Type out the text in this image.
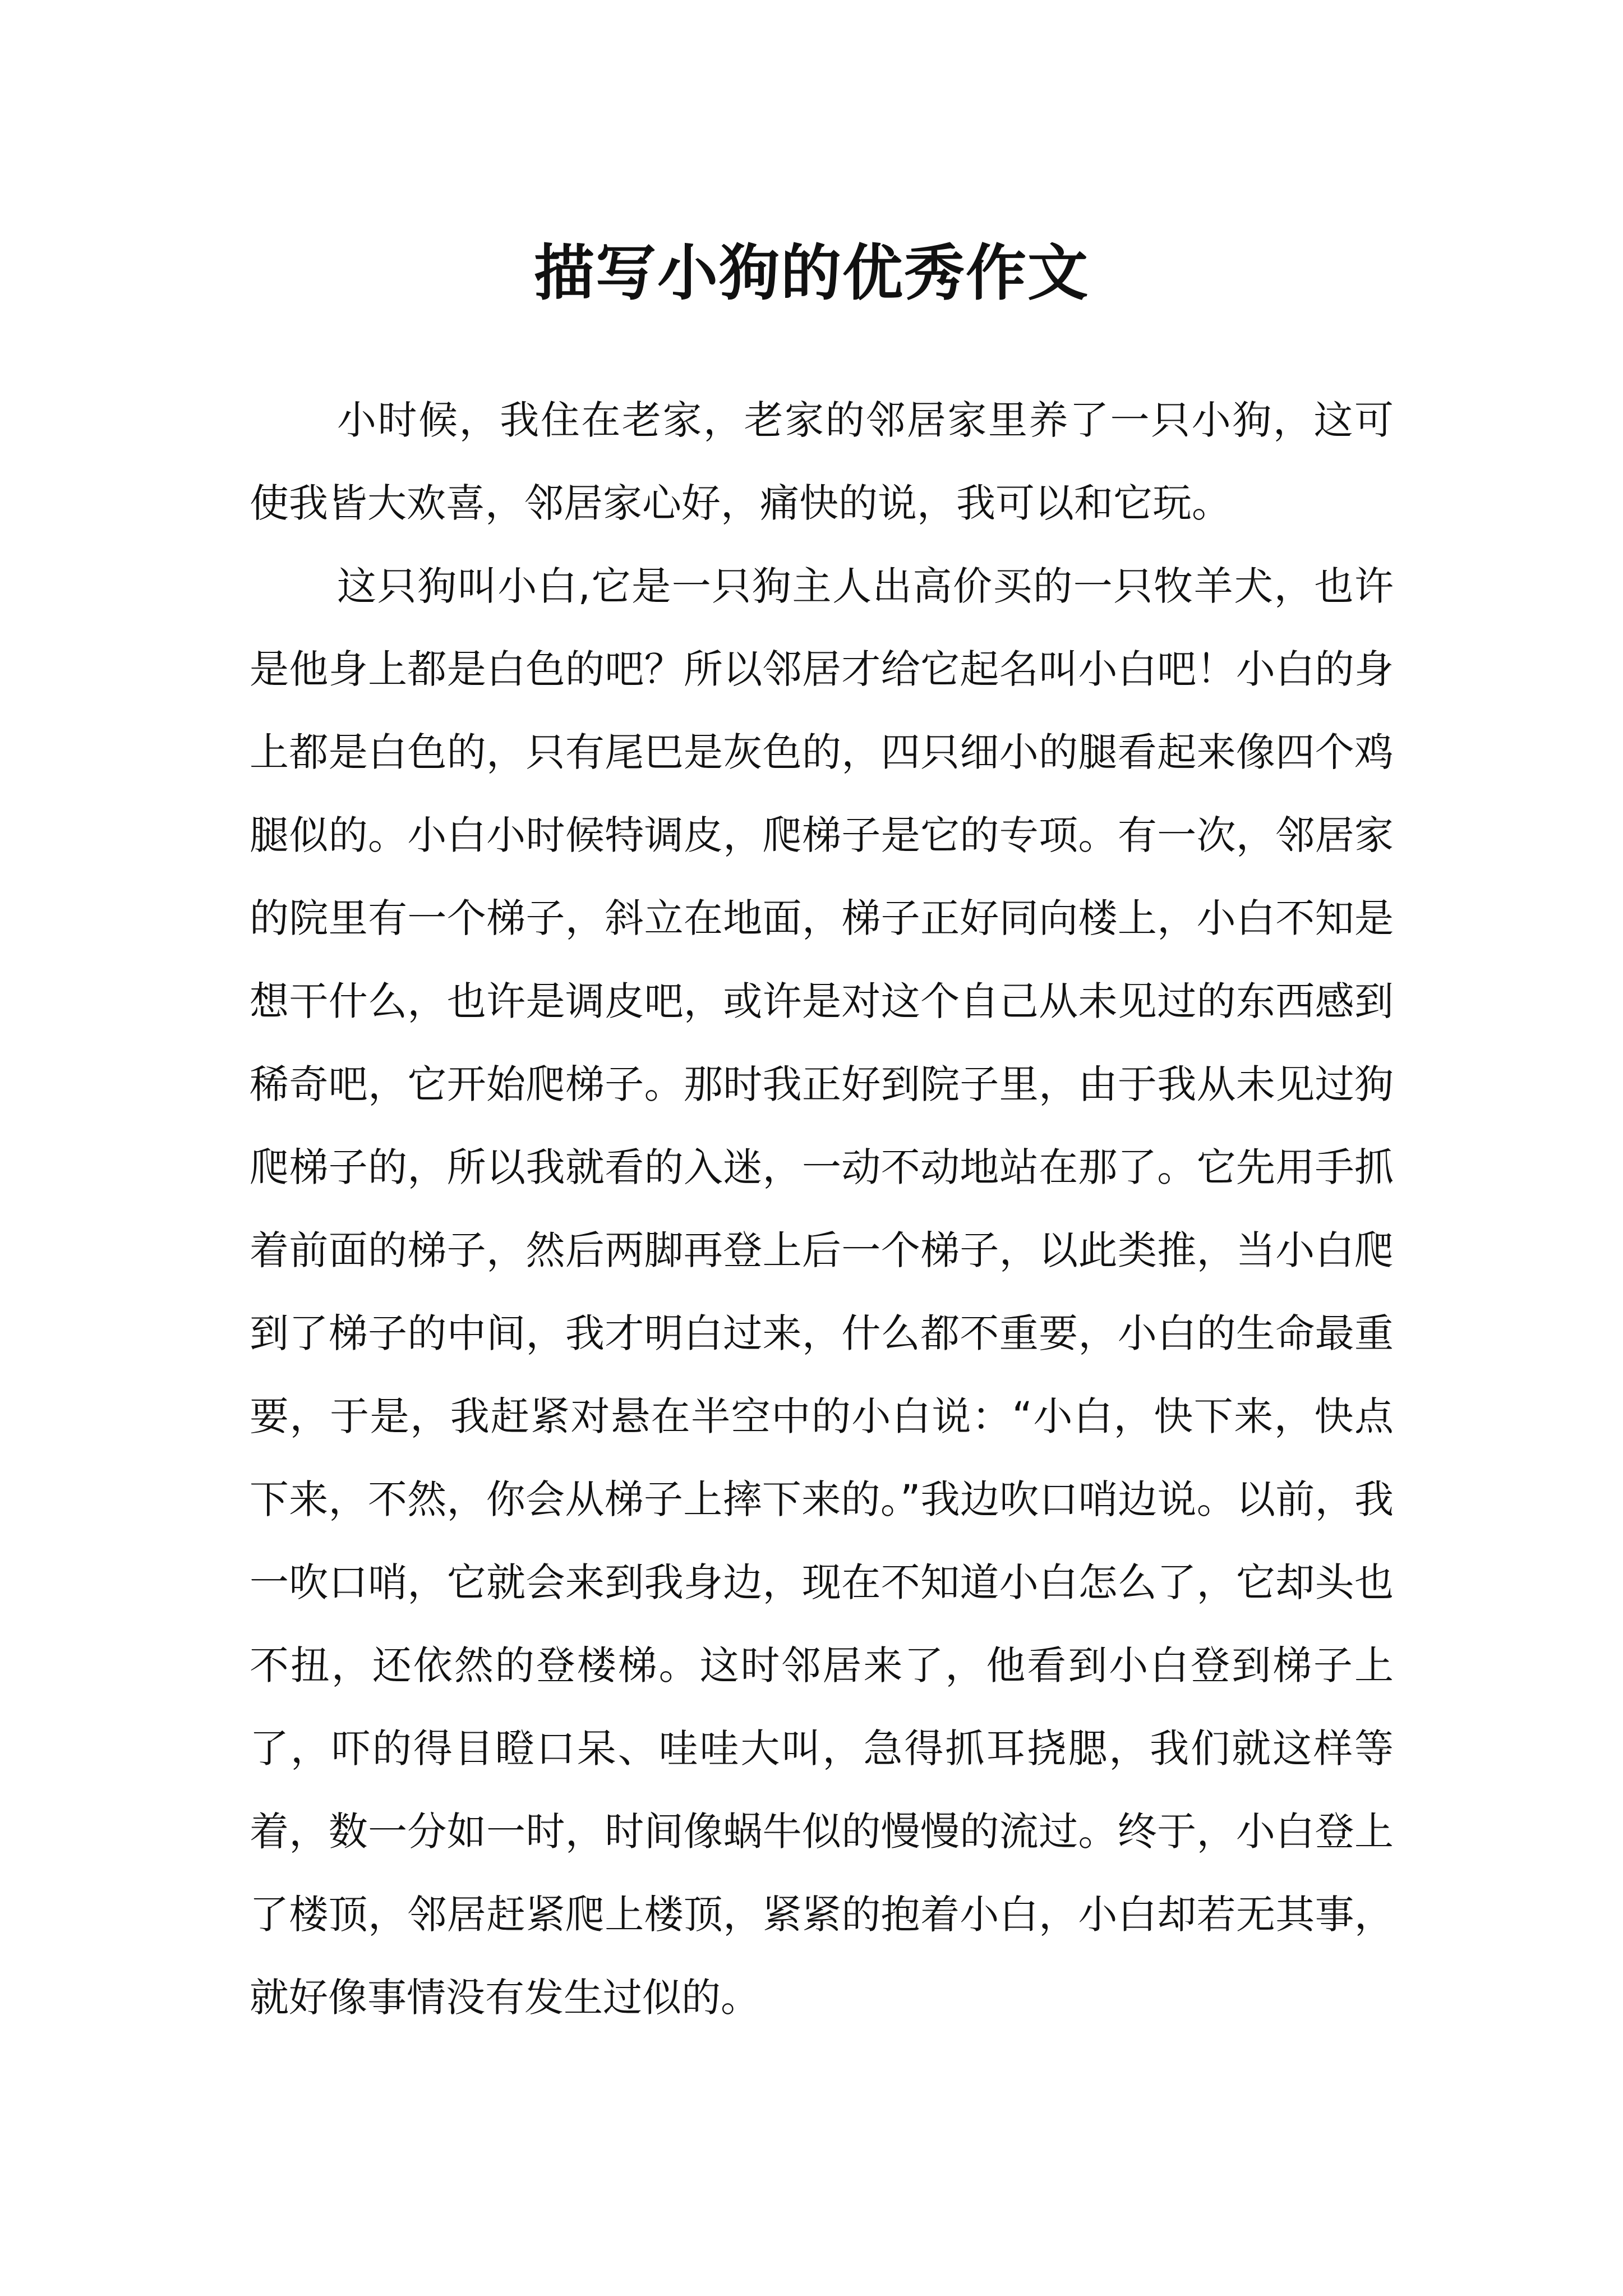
描写小狗的优秀作文

小时候，我住在老家，老家的邻居家里养了一只小狗，这可使我皆大欢喜，邻居家心好，痛快的说，我可以和它玩。

这只狗叫小白,它是一只狗主人出高价买的一只牧羊犬，也许是他身上都是白色的吧？所以邻居才给它起名叫小白吧！小白的身上都是白色的，只有尾巴是灰色的，四只细小的腿看起来像四个鸡腿似的。小白小时候特调皮，爬梯子是它的专项。有一次，邻居家的院里有一个梯子，斜立在地面，梯子正好同向楼上，小白不知是想干什么，也许是调皮吧，或许是对这个自己从未见过的东西感到稀奇吧，它开始爬梯子。那时我正好到院子里，由于我从未见过狗爬梯子的，所以我就看的入迷，一动不动地站在那了。它先用手抓着前面的梯子，然后两脚再登上后一个梯子，以此类推，当小白爬到了梯子的中间，我才明白过来，什么都不重要，小白的生命最重要，于是，我赶紧对悬在半空中的小白说：“小白，快下来，快点下来，不然，你会从梯子上摔下来的。”我边吹口哨边说。以前，我一吹口哨，它就会来到我身边，现在不知道小白怎么了，它却头也不扭，还依然的登楼梯。这时邻居来了，他看到小白登到梯子上了，吓的得目瞪口呆、哇哇大叫，急得抓耳挠腮，我们就这样等着，数一分如一时，时间像蜗牛似的慢慢的流过。终于，小白登上了楼顶，邻居赶紧爬上楼顶，紧紧的抱着小白，小白却若无其事，就好像事情没有发生过似的。
